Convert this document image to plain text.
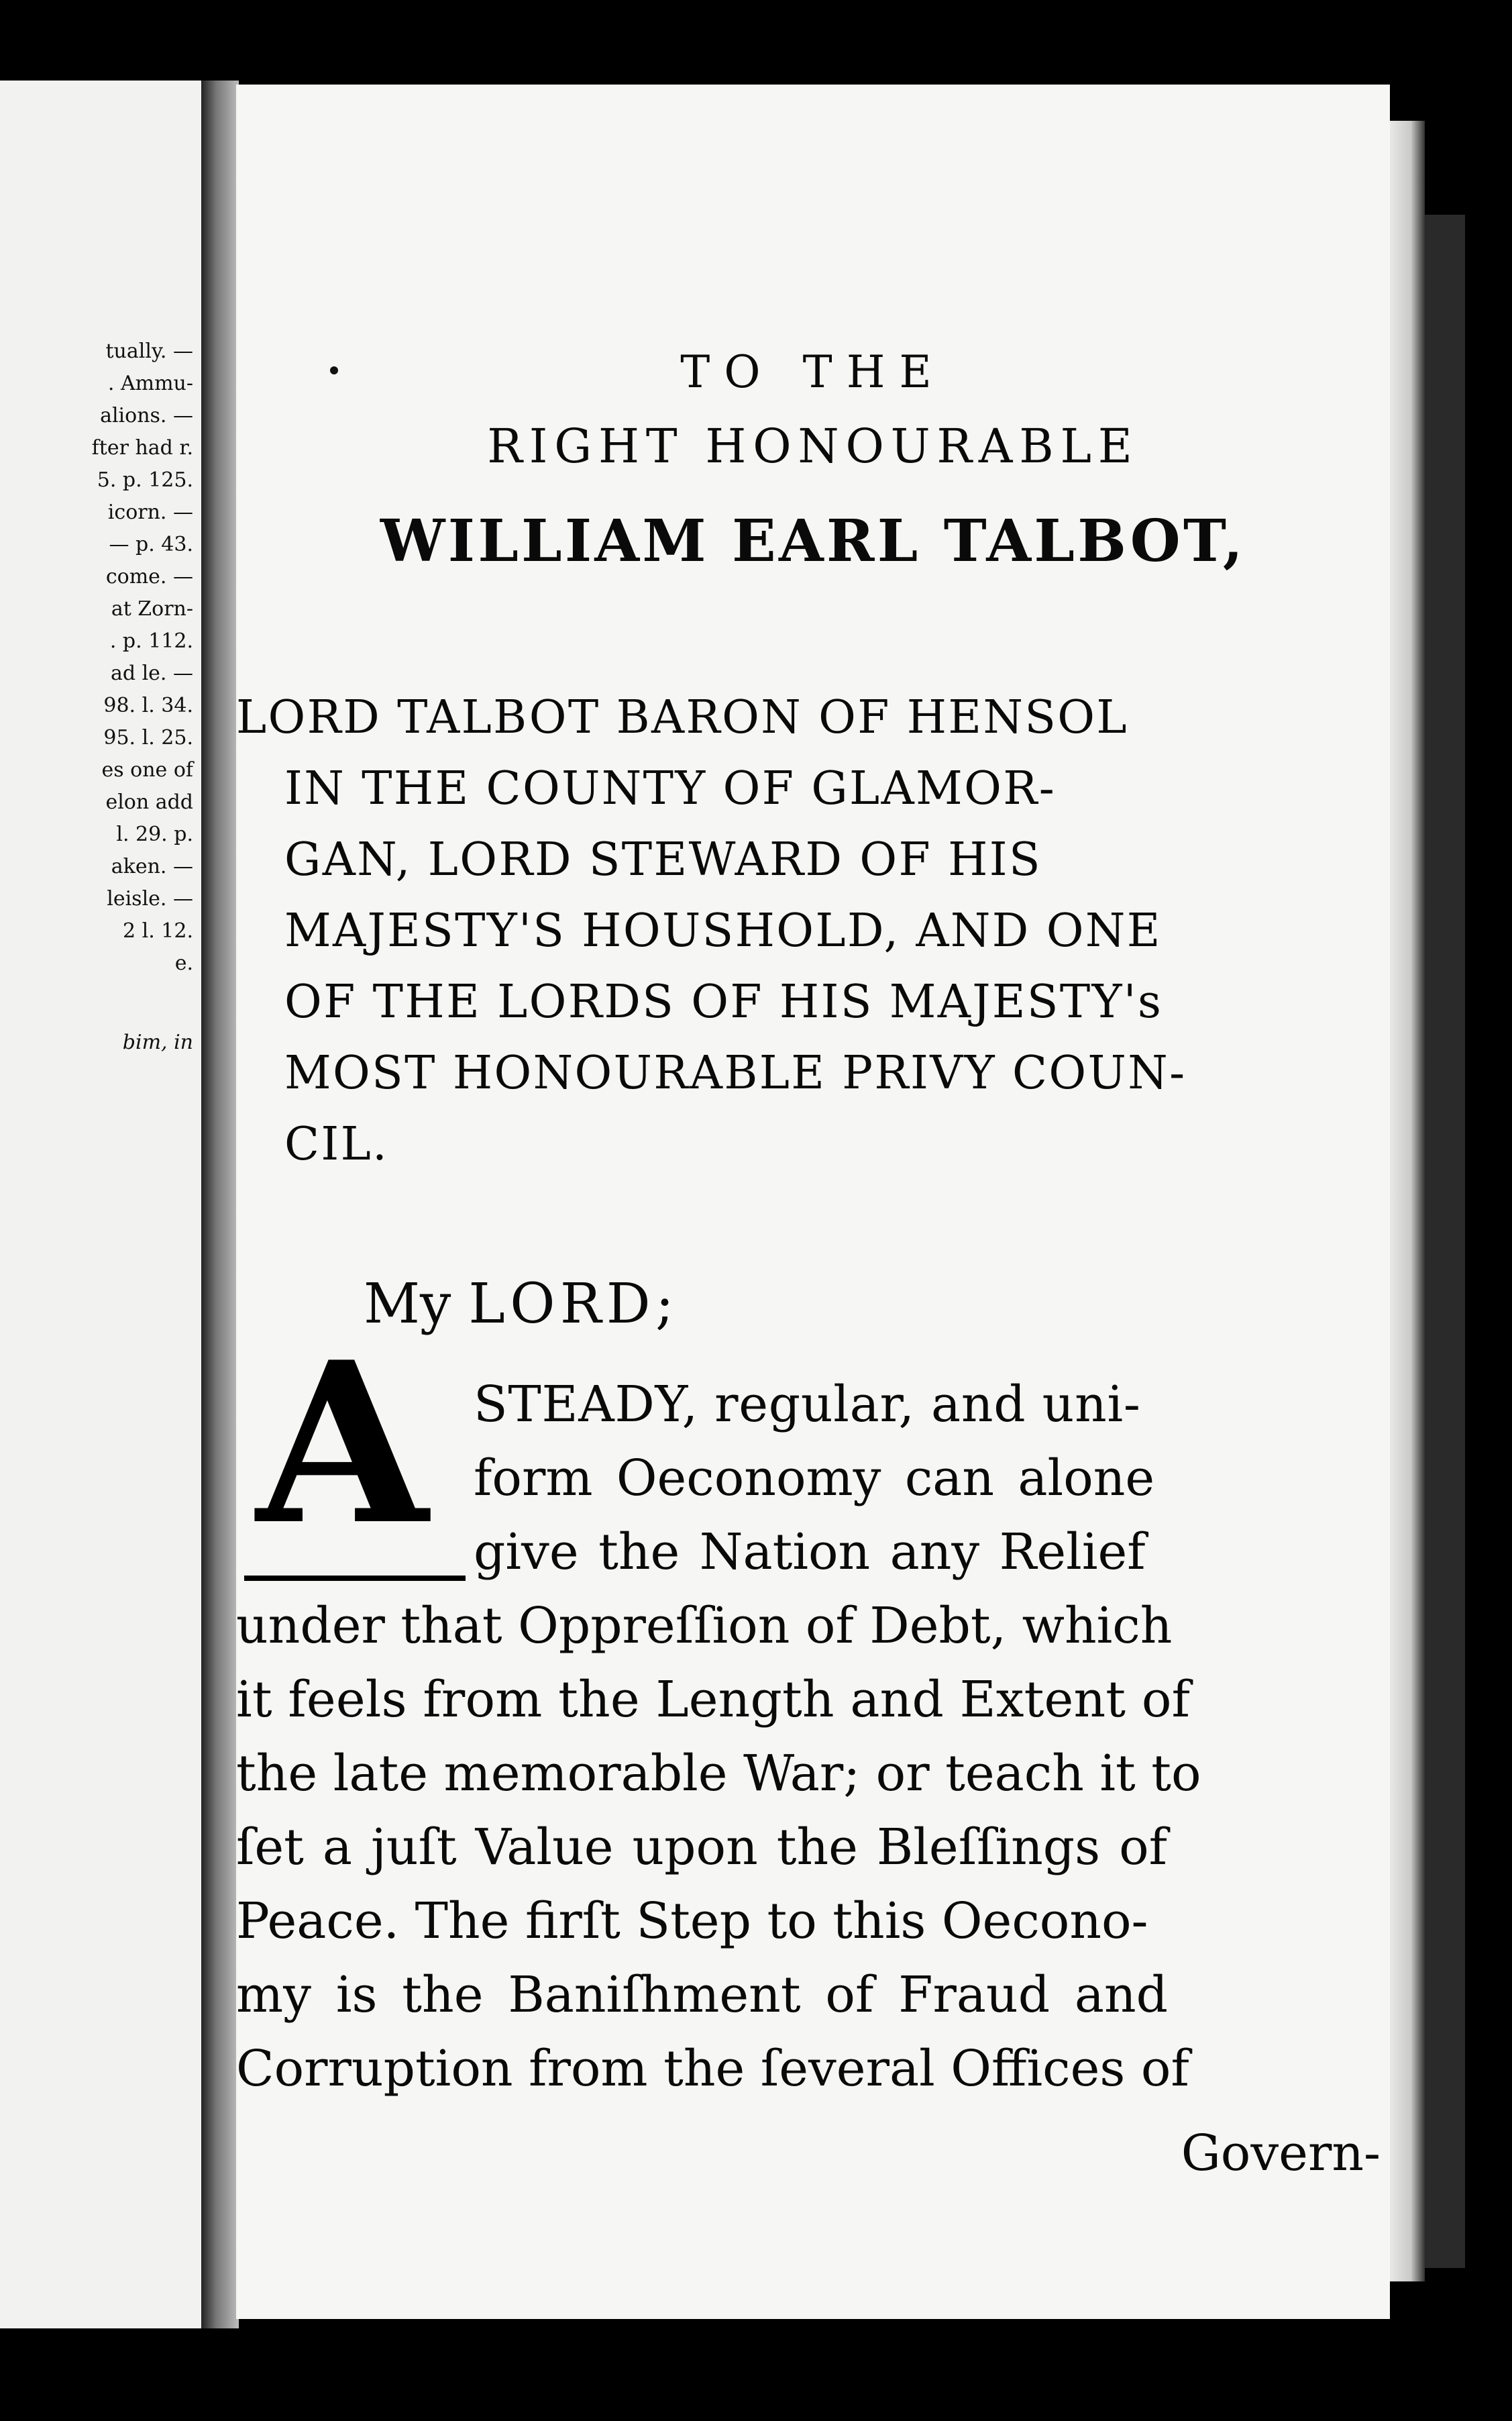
tually. —
. Ammu-
alions. —
fter had r.
5. p. 125.
icorn. —
— p. 43.
come. —
at Zorn-
. p. 112.
ad le. —
98. l. 34.
95. l. 25.
es one of
elon add
l. 29. p.
aken. —
leisle. —
2 l. 12.
e.
bim, in
TO THE
RIGHT HONOURABLE
WILLIAM EARL TALBOT,
LORD TALBOT BARON OF HENSOL
IN THE COUNTY OF GLAMOR-
GAN, LORD STEWARD OF HIS
MAJESTY'S HOUSHOLD, AND ONE
OF THE LORDS OF HIS MAJESTY's
MOST HONOURABLE PRIVY COUN-
CIL.
My LORD;
A STEADY, regular, and uni-
form Oeconomy can alone
give the Nation any Relief
under that Oppreſſion of Debt, which
it feels from the Length and Extent of
the late memorable War; or teach it to
ſet a juſt Value upon the Bleſſings of
Peace. The firſt Step to this Oecono-
my is the Baniſhment of Fraud and
Corruption from the ſeveral Offices of
Govern-
